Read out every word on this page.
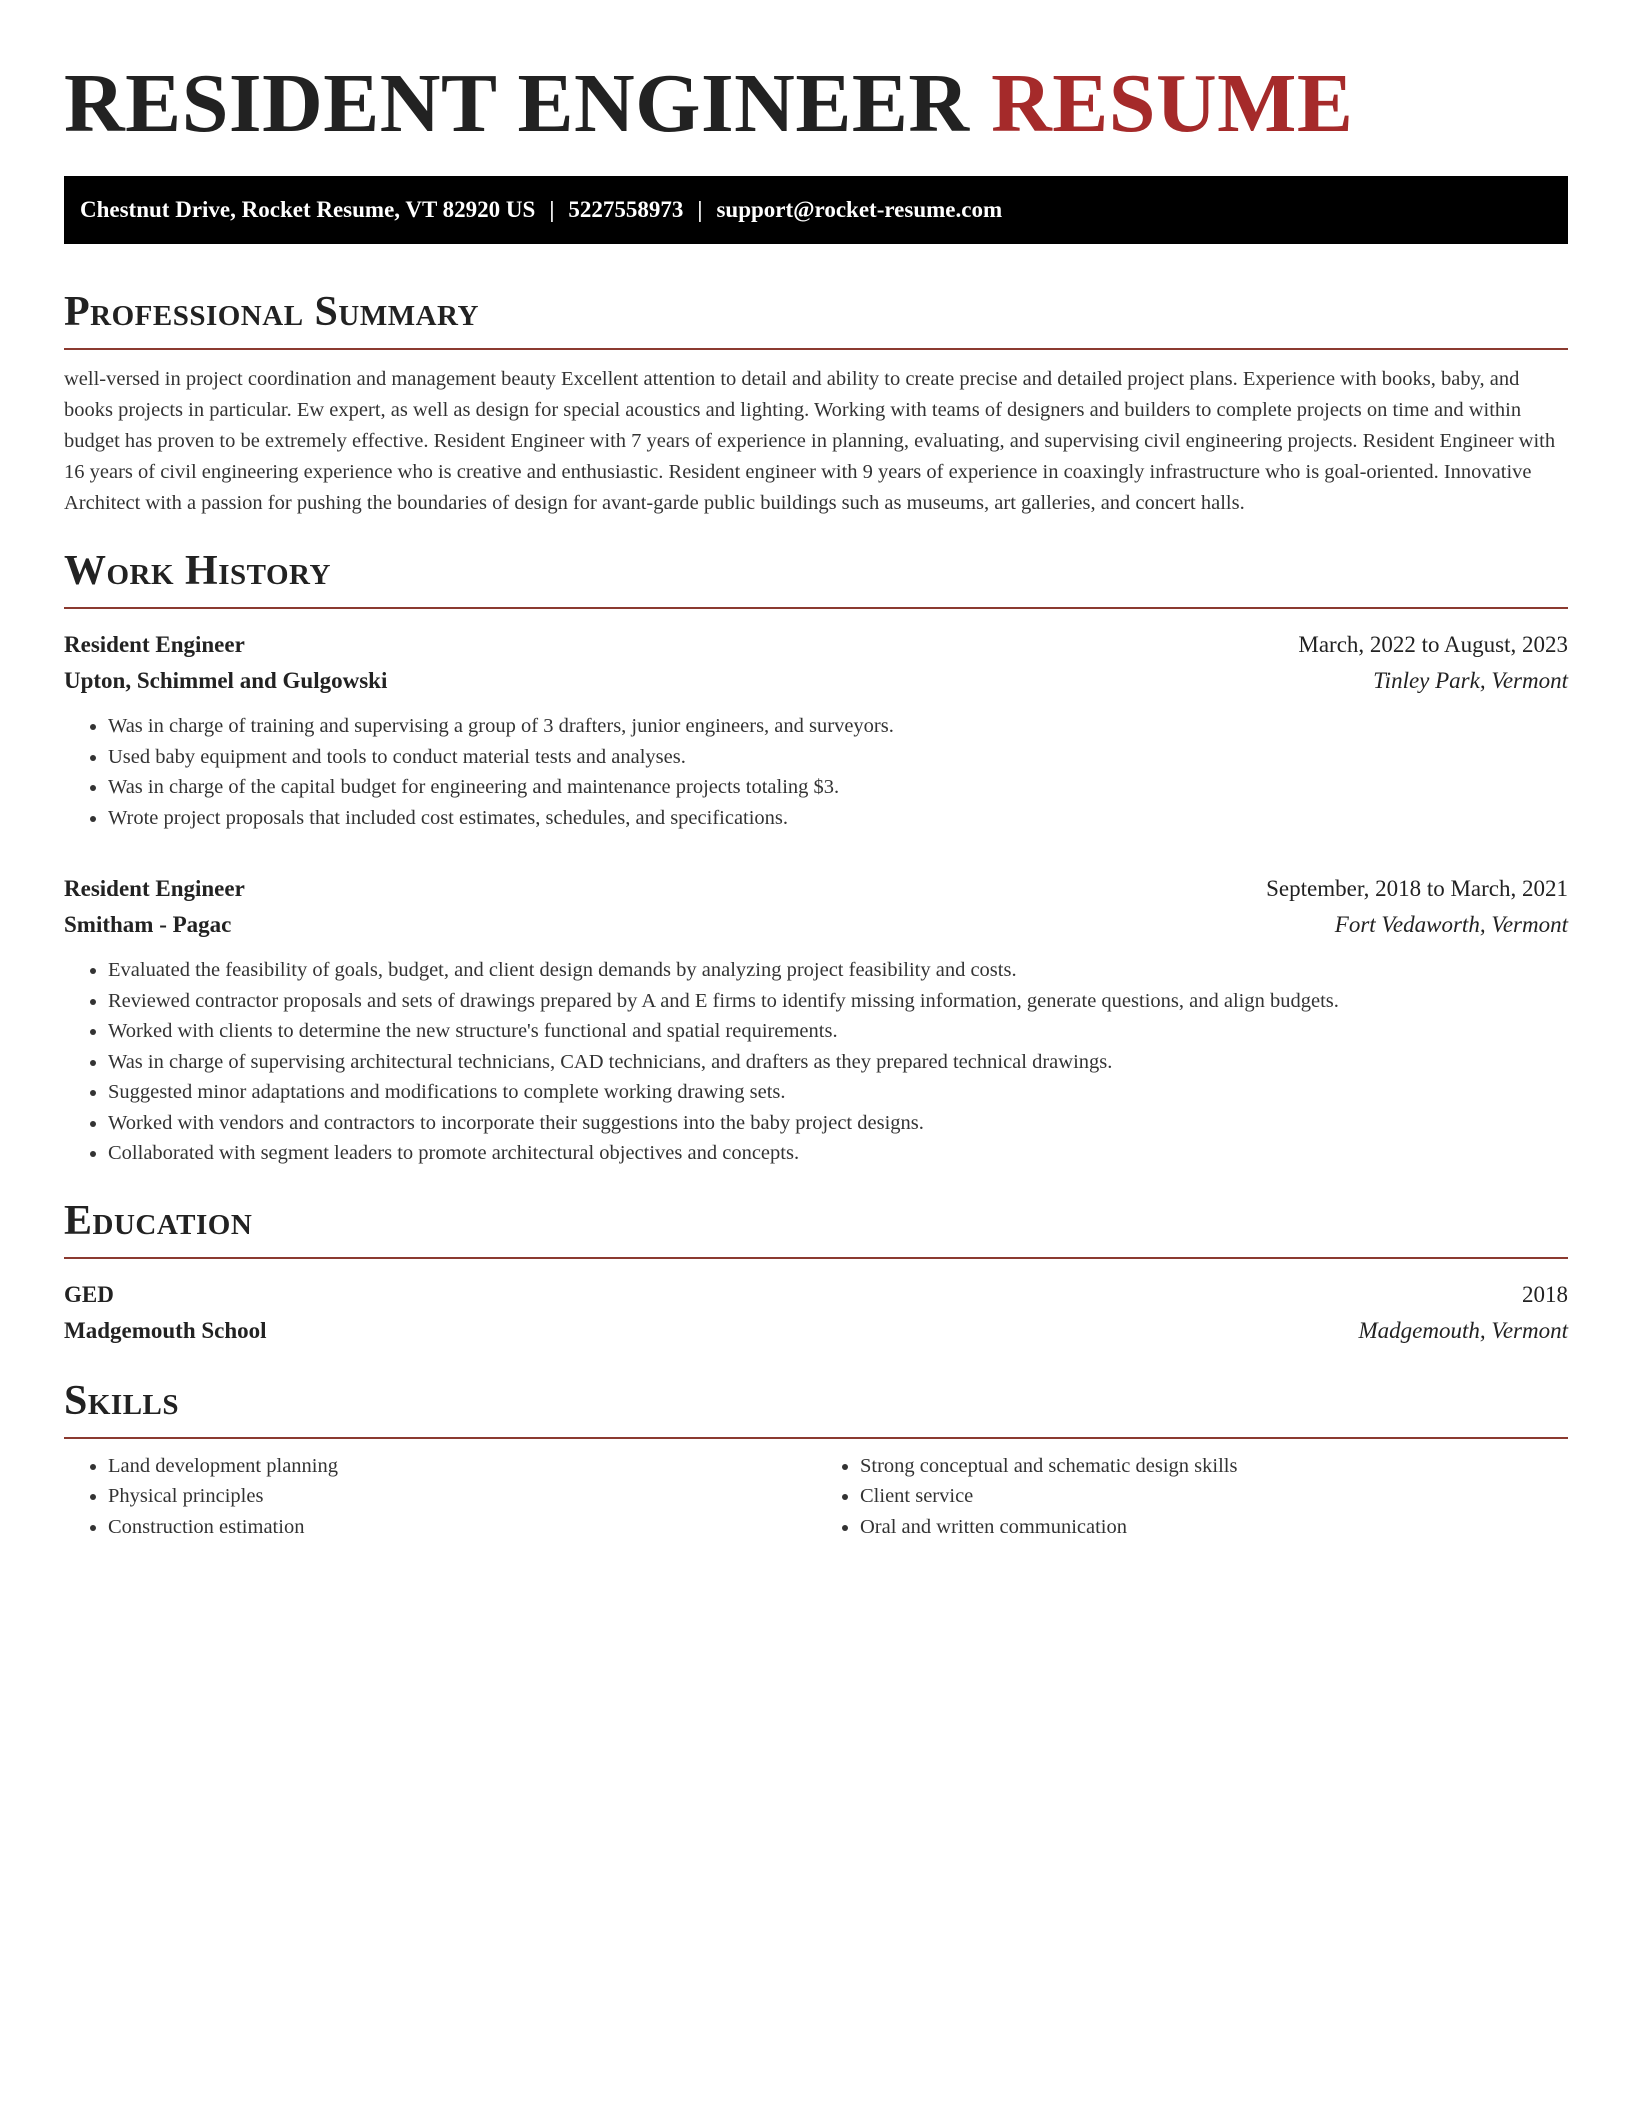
RESIDENT ENGINEER RESUME
Chestnut Drive, Rocket Resume, VT 82920 US | 5227558973 | support@rocket-resume.com
Professional Summary

well-versed in project coordination and management beauty Excellent attention to detail and ability to create precise and detailed project plans. Experience with books, baby, and books projects in particular. Ew expert, as well as design for special acoustics and lighting. Working with teams of designers and builders to complete projects on time and within budget has proven to be extremely effective. Resident Engineer with 7 years of experience in planning, evaluating, and supervising civil engineering projects. Resident Engineer with 16 years of civil engineering experience who is creative and enthusiastic. Resident engineer with 9 years of experience in coaxingly infrastructure who is goal-oriented. Innovative Architect with a passion for pushing the boundaries of design for avant-garde public buildings such as museums, art galleries, and concert halls.

Work History
Resident Engineer	March, 2022 to August, 2023
Upton, Schimmel and Gulgowski	Tinley Park, Vermont
• Was in charge of training and supervising a group of 3 drafters, junior engineers, and surveyors.
• Used baby equipment and tools to conduct material tests and analyses.
• Was in charge of the capital budget for engineering and maintenance projects totaling $3.
• Wrote project proposals that included cost estimates, schedules, and specifications.
Resident Engineer	September, 2018 to March, 2021
Smitham - Pagac	Fort Vedaworth, Vermont
• Evaluated the feasibility of goals, budget, and client design demands by analyzing project feasibility and costs.
• Reviewed contractor proposals and sets of drawings prepared by A and E firms to identify missing information, generate questions, and align budgets.
• Worked with clients to determine the new structure's functional and spatial requirements.
• Was in charge of supervising architectural technicians, CAD technicians, and drafters as they prepared technical drawings.
• Suggested minor adaptations and modifications to complete working drawing sets.
• Worked with vendors and contractors to incorporate their suggestions into the baby project designs.
• Collaborated with segment leaders to promote architectural objectives and concepts.
Education
GED	2018
Madgemouth School	Madgemouth, Vermont
Skills
• Land development planning
• Physical principles
• Construction estimation
• Strong conceptual and schematic design skills
• Client service
• Oral and written communication
